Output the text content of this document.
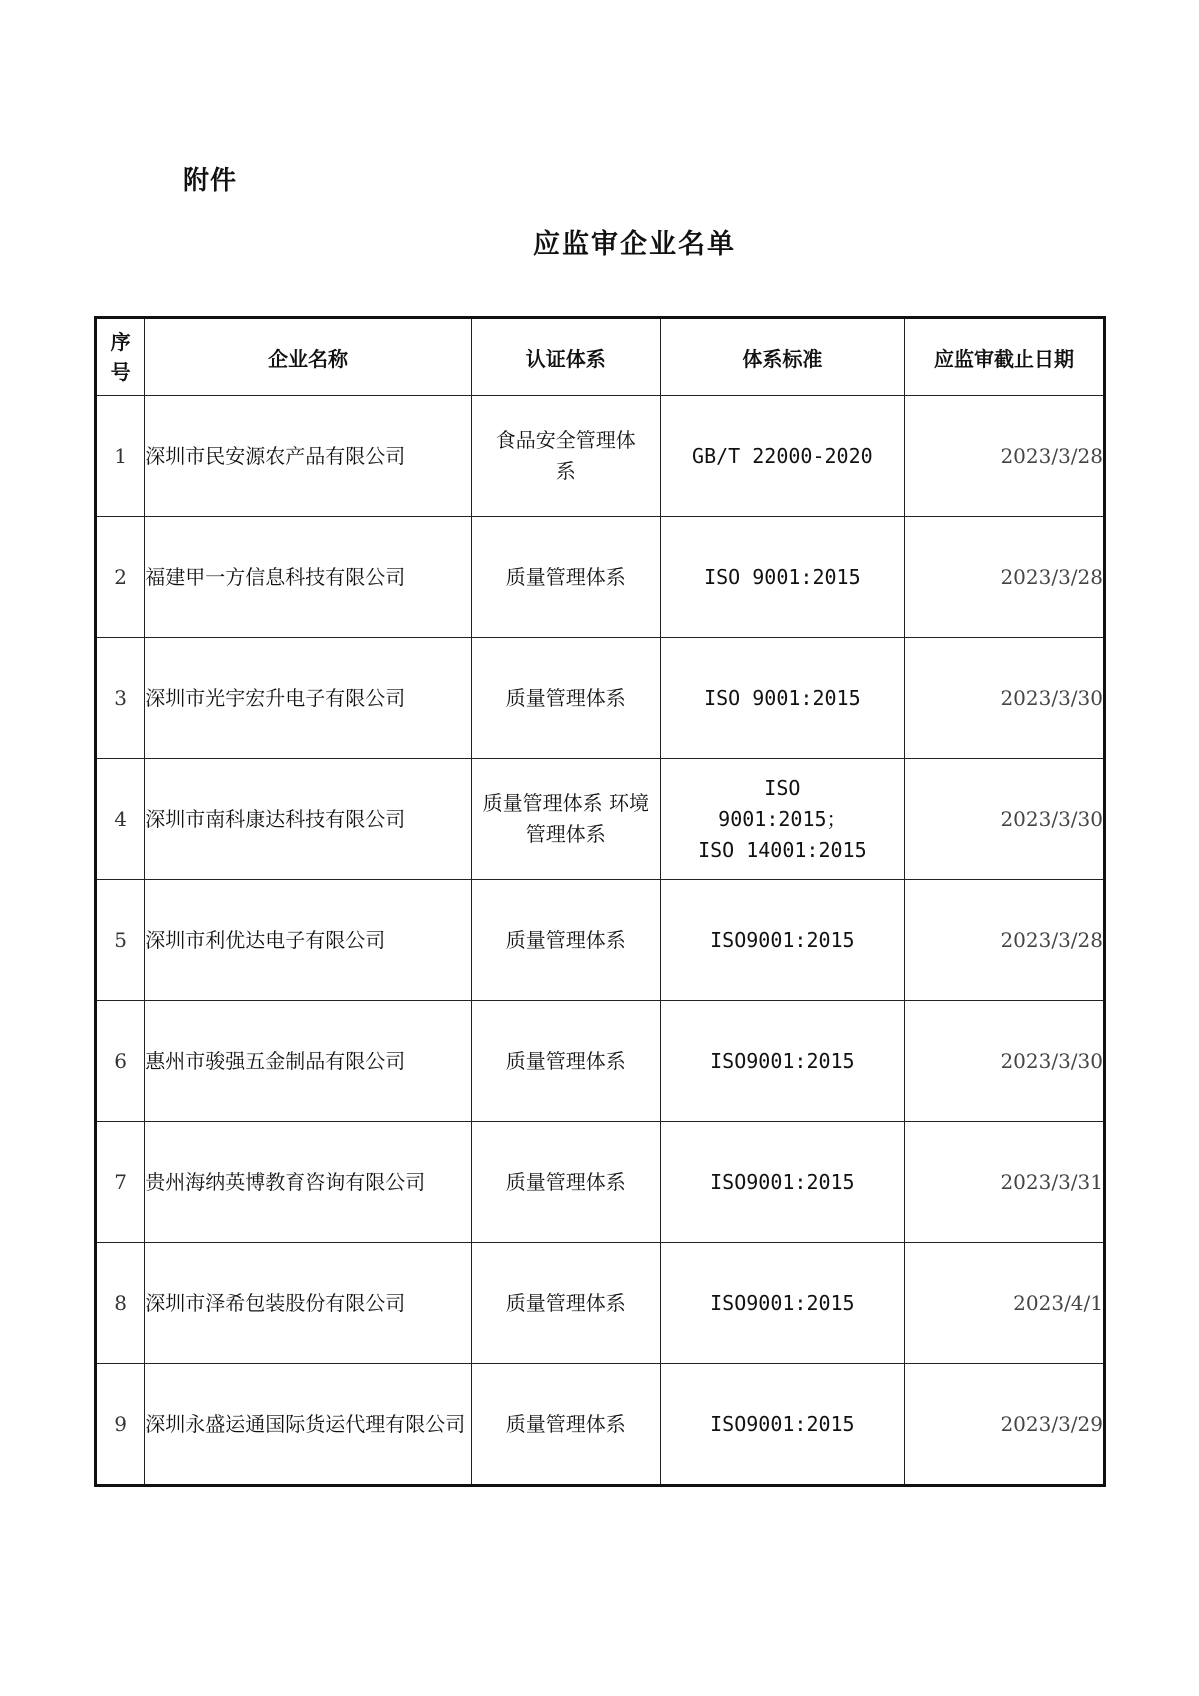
附件
应监审企业名单
序号	企业名称	认证体系	体系标准	应监审截止日期
1	深圳市民安源农产品有限公司	食品安全管理体系	GB/T 22000-2020	2023/3/28
2	福建甲一方信息科技有限公司	质量管理体系	ISO 9001:2015	2023/3/28
3	深圳市光宇宏升电子有限公司	质量管理体系	ISO 9001:2015	2023/3/30
4	深圳市南科康达科技有限公司	质量管理体系 环境管理体系	ISO 9001:2015； ISO 14001:2015	2023/3/30
5	深圳市利优达电子有限公司	质量管理体系	ISO9001:2015	2023/3/28
6	惠州市骏强五金制品有限公司	质量管理体系	ISO9001:2015	2023/3/30
7	贵州海纳英博教育咨询有限公司	质量管理体系	ISO9001:2015	2023/3/31
8	深圳市泽希包装股份有限公司	质量管理体系	ISO9001:2015	2023/4/1
9	深圳永盛运通国际货运代理有限公司	质量管理体系	ISO9001:2015	2023/3/29
